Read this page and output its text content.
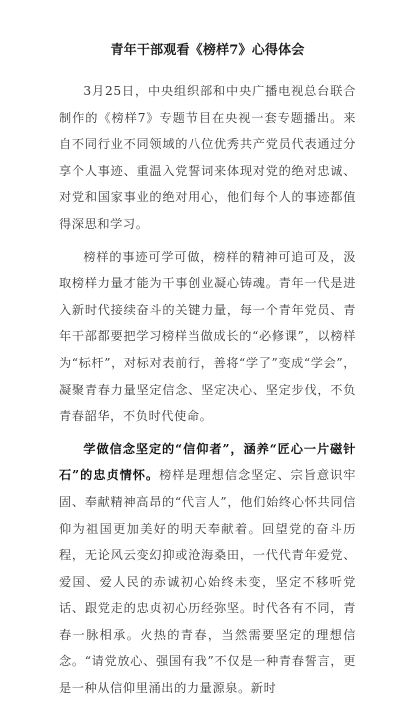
青年干部观看《榜样7》心得体会

3月25日，中央组织部和中央广播电视总台联合制作的《榜样7》专题节目在央视一套专题播出。来自不同行业不同领域的八位优秀共产党员代表通过分享个人事迹、重温入党誓词来体现对党的绝对忠诚、对党和国家事业的绝对用心，他们每个人的事迹都值得深思和学习。

榜样的事迹可学可做，榜样的精神可追可及，汲取榜样力量才能为干事创业凝心铸魂。青年一代是进入新时代接续奋斗的关键力量，每一个青年党员、青年干部都要把学习榜样当做成长的“必修课”，以榜样为“标杆”，对标对表前行，善将“学了”变成“学会”，凝聚青春力量坚定信念、坚定决心、坚定步伐，不负青春韶华，不负时代使命。

学做信念坚定的“信仰者”，涵养“匠心一片磁针石”的忠贞情怀。榜样是理想信念坚定、宗旨意识牢固、奉献精神高昂的“代言人”，他们始终心怀共同信仰为祖国更加美好的明天奉献着。回望党的奋斗历程，无论风云变幻抑或沧海桑田，一代代青年爱党、爱国、爱人民的赤诚初心始终未变，坚定不移听党话、跟党走的忠贞初心历经弥坚。时代各有不同，青春一脉相承。火热的青春，当然需要坚定的理想信念。“请党放心、强国有我”不仅是一种青春誓言，更是一种从信仰里涌出的力量源泉。新时
